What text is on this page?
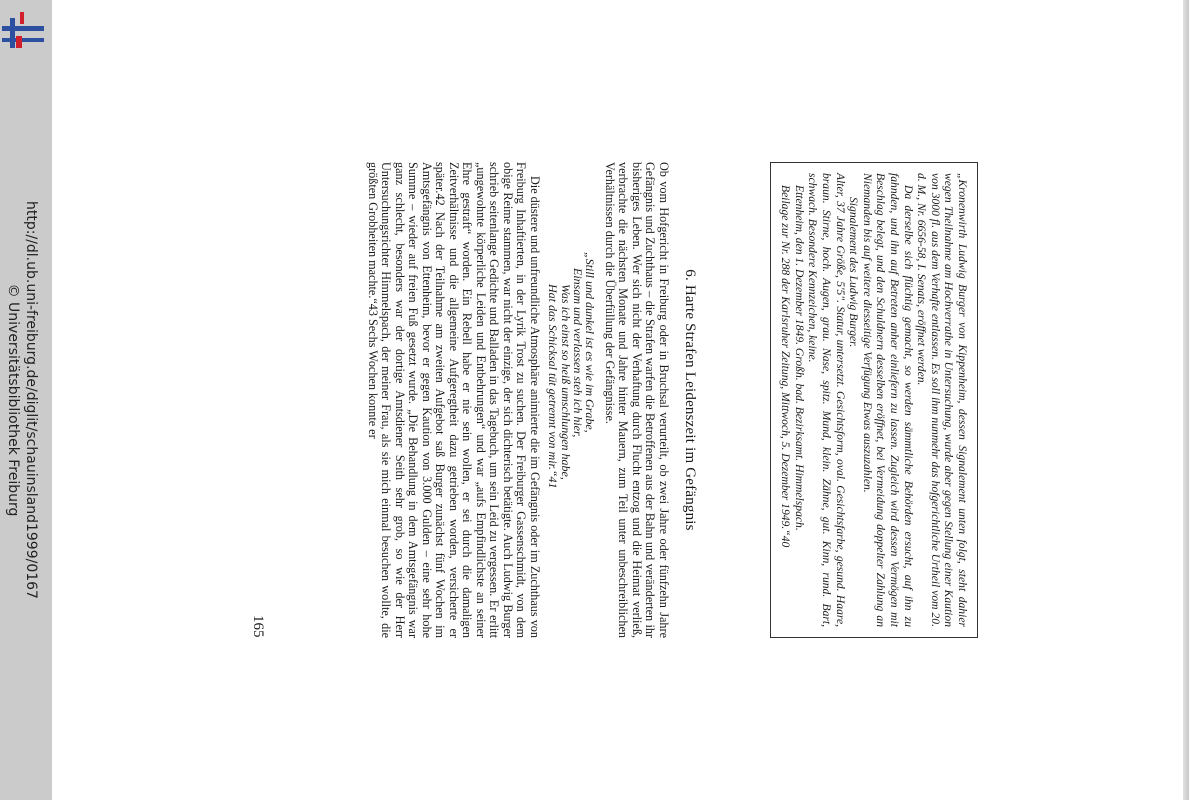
http://dl.ub.uni-freiburg.de/diglit/schauinsland1999/0167
© Universitätsbibliothek Freiburg	„Kronenwirth Ludwig Burger von Kippenheim, dessen Signalement unten folgt, steht dahier wegen Theilnahme am Hochverrathe in Untersuchung, wurde aber gegen Stellung einer Kaution von 3000 fl. aus dem Verhafte entlassen. Es soll ihm nunmehr das hofgerichtliche Urtheil vom 20. d. M., Nr. 6656-58, I. Senats, eröffnet werden.

Da derselbe sich flüchtig gemacht, so werden sämmtliche Behörden ersucht, auf ihn zu fahnden, und ihn auf Betreten anher einliefern zu lassen. Zugleich wird dessen Vermögen mit Beschlag belegt, und den Schuldnern desselben eröffnet, bei Vermeidung doppelter Zahlung an Niemanden bis auf weitere diesseitige Verfügung Etwas auszuzahlen.

Signalement des Ludwig Burger.

Alter, 37 Jahre Größe, 5'5". Statur, untersetzt. Gesichtsform, oval. Gesichtsfarbe, gesund. Haare, braun. Stirne, hoch. Augen, grau. Nase, spitz. Mund, klein. Zähne, gut. Kinn, rund. Bart, schwach. Besondere Kennzeichen, keine.

Ettenheim, den 1. Dezember 1849. Großh. bad. Bezirksamt. Himmelspach.

Beilage zur Nr. 288 der Karlsruher Zeitung, Mittwoch, 5. Dezember 1949.“40

6. Harte Strafen Leidenszeit im Gefängnis

Ob vom Hofgericht in Freiburg oder in Bruchsal verurteilt, ob zwei Jahre oder fünfzehn Jahre Gefängnis und Zuchthaus – die Strafen warfen die Betroffenen aus der Bahn und veränderten ihr bisheriges Leben. Wer sich nicht der Verhaftung durch Flucht entzog und die Heimat verließ, verbrachte die nächsten Monate und Jahre hinter Mauern, zum Teil unter unbeschreiblichen Verhältnissen durch die Überfüllung der Gefängnisse.

„Still und dunkel ist es wie im Grabe,
Einsam und verlassen steh ich hier,
Was ich einst so heiß umschlungen habe,
Hat das Schicksal tüt getrennt von mir.“41

Die düstere und unfreundliche Atmosphäre animierte die im Gefängnis oder im Zuchthaus von Freiburg Inhaftierten, in der Lyrik Trost zu suchen. Der Freiburger Gassenschmidt, von dem obige Reime stammen, war nicht der einzige, der sich dichterisch betätigte. Auch Ludwig Burger schrieb seitenlange Gedichte und Balladen in das Tagebuch, um sein Leid zu vergessen. Er erlitt „ungewohnte körperliche Leiden und Entbehrungen“ und war „aufs Empfindlichste an seiner Ehre gestraft“ worden. Ein Rebell habe er nie sein wollen, er sei durch die damaligen Zeitverhältnisse und die allgemeine Aufgeregtheit dazu getrieben worden, versicherte er später.42 Nach der Teilnahme am zweiten Aufgebot saß Burger zunächst fünf Wochen im Amtsgefängnis von Ettenheim, bevor er gegen Kaution von 3.000 Gulden – eine sehr hohe Summe – wieder auf freien Fuß gesetzt wurde. „Die Behandlung in dem Amtsgefängnis war ganz schlecht, besonders war der dortige Amtsdiener Seith sehr grob, so wie der Herr Untersuchungsrichter Himmelspach, der meiner Frau, als sie mich einmal besuchen wollte, die größten Grobheiten machte.“43 Sechs Wochen konnte er

165
